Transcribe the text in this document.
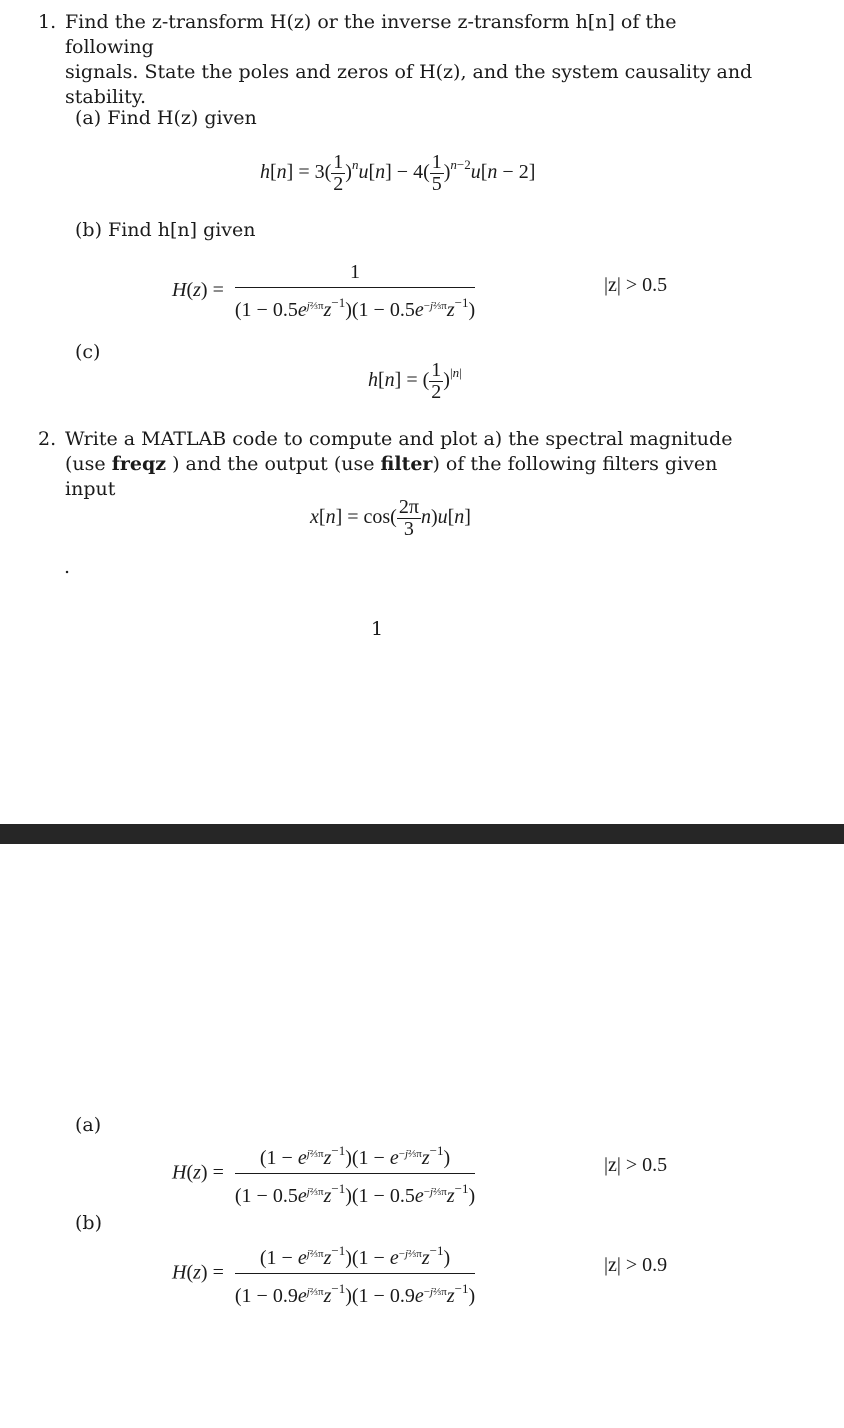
1. Find the z-transform H(z) or the inverse z-transform h[n] of the following
signals. State the poles and zeros of H(z), and the system causality and
stability.
(a) Find H(z) given
$h[n] = 3( \frac{1}{2} )^nu[n] - 4( \frac{1}{5} )^{n-2}u[n - 2]$
(b) Find h[n] given
$H(z) = \frac{1}{(1 - 0.5e^{j\frac{2}{3}\pi}z^{-1})(1 - 0.5e^{-j\frac{2}{3}\pi}z^{-1})}$	|z| > 0.5
(c)
h[n] = ( $\frac{1}{2} )^{|n|}$
2. Write a MATLAB code to compute and plot a) the spectral magnitude
(use freqz ) and the output (use filter) of the following filters given input
$x[n] = \cos( \frac{2\pi}{3} n)u[n]$
.
1
(a)
$H(z) = \frac{(1 - e^{j\frac{2}{3}\pi}z^{-1})(1 - e^{-j\frac{2}{3}\pi}z^{-1})}{(1 - 0.5e^{j\frac{2}{3}\pi}z^{-1})(1 - 0.5e^{-j\frac{2}{3}\pi}z^{-1})}$	|z| > 0.5
(b)
$H(z) = \frac{(1 - e^{j\frac{2}{3}\pi}z^{-1})(1 - e^{-j\frac{2}{3}\pi}z^{-1})}{(1 - 0.9e^{j\frac{2}{3}\pi}z^{-1})(1 - 0.9e^{-j\frac{2}{3}\pi}z^{-1})}$	|z| > 0.9
